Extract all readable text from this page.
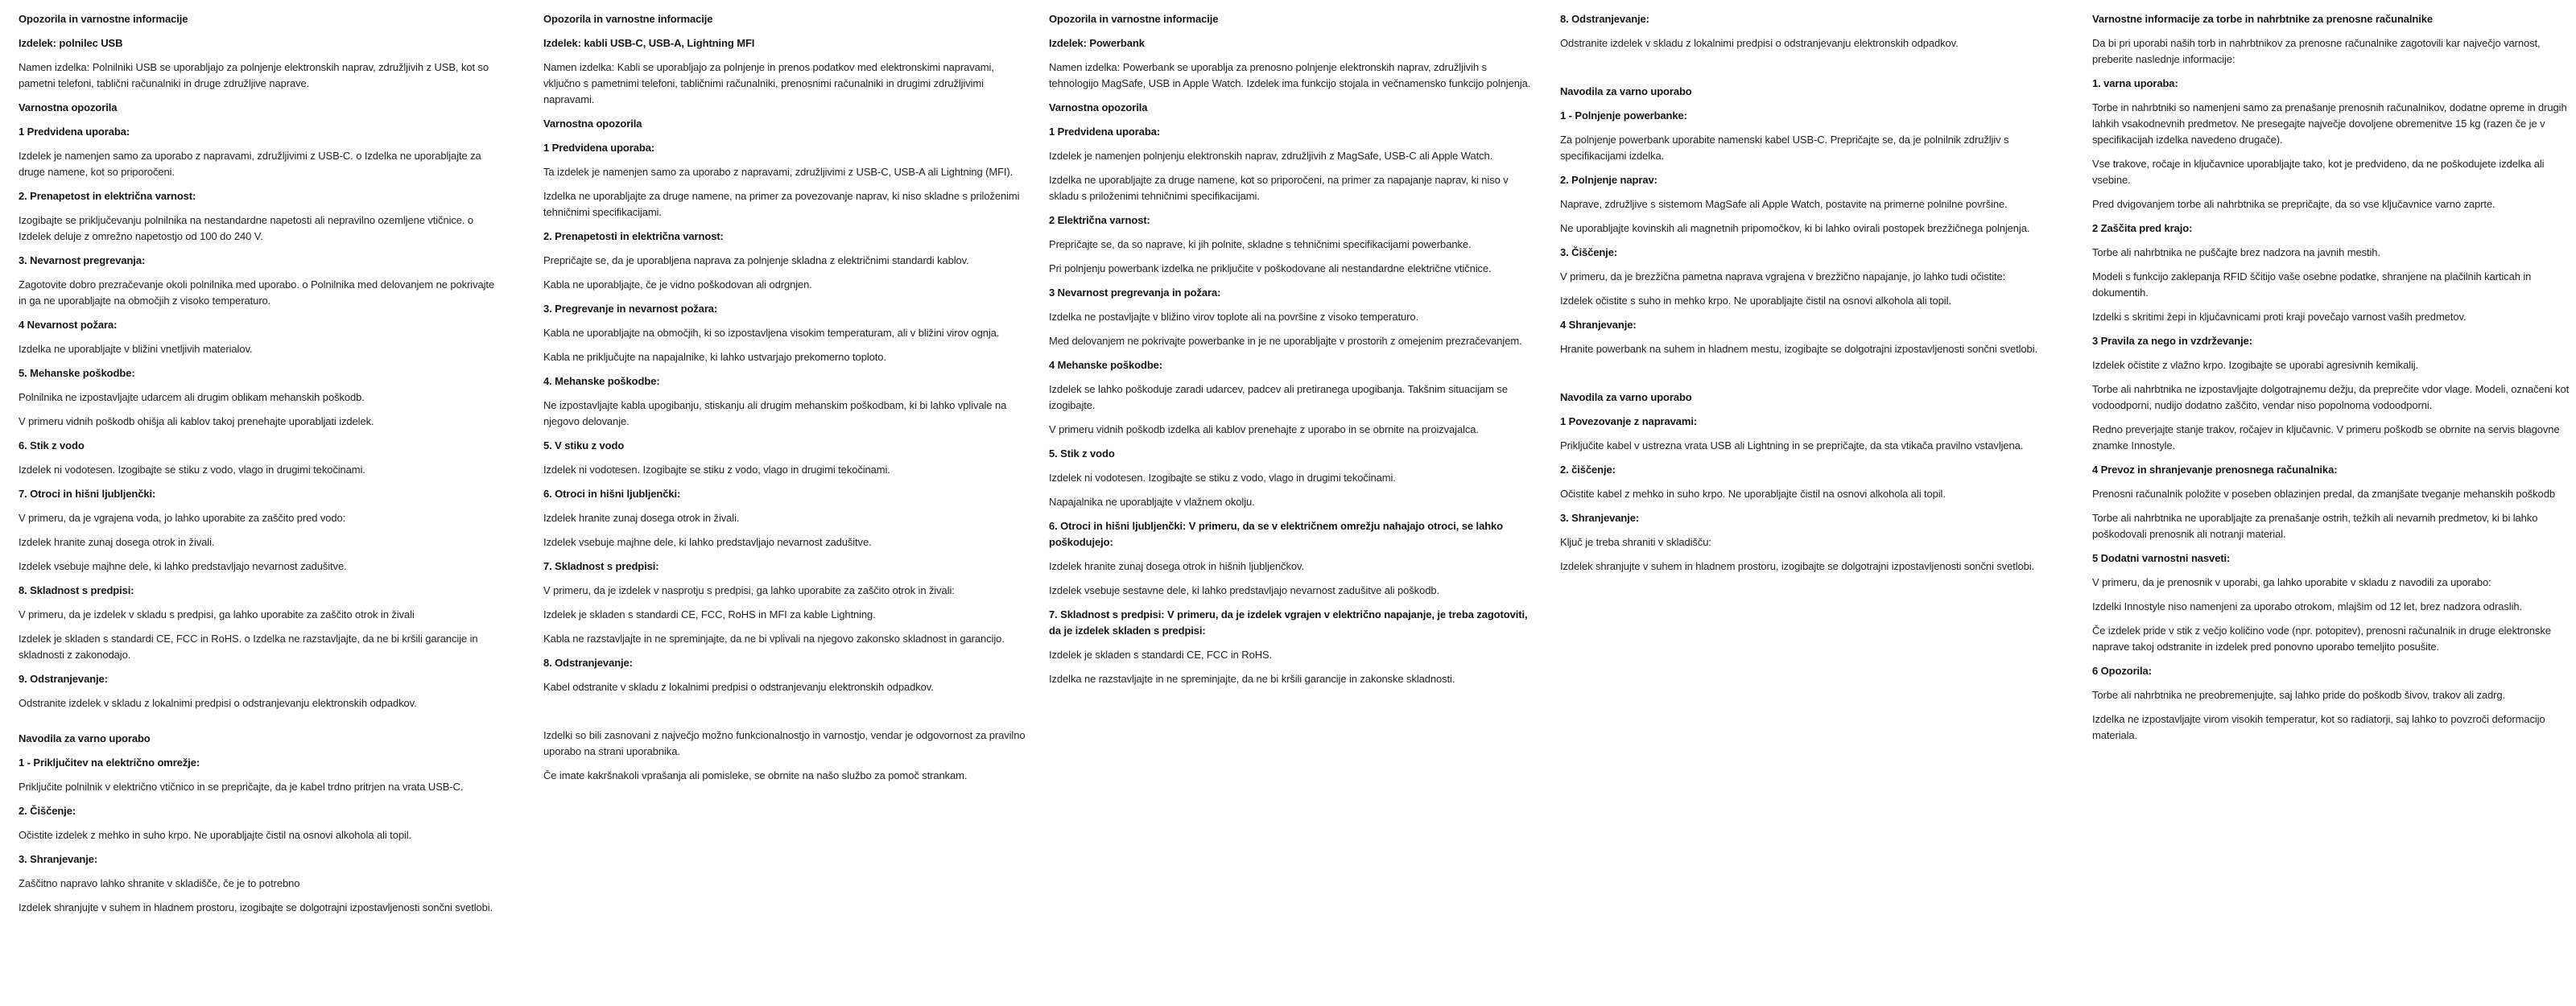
Opozorila in varnostne informacije
Izdelek: polnilec USB

Namen izdelka: Polnilniki USB se uporabljajo za polnjenje elektronskih naprav, združljivih z USB, kot so pametni telefoni, tablični računalniki in druge združljive naprave.

Varnostna opozorila
1 Predvidena uporaba:

Izdelek je namenjen samo za uporabo z napravami, združljivimi z USB-C. o Izdelka ne uporabljajte za druge namene, kot so priporočeni.

2. Prenapetost in električna varnost:

Izogibajte se priključevanju polnilnika na nestandardne napetosti ali nepravilno ozemljene vtičnice. o Izdelek deluje z omrežno napetostjo od 100 do 240 V.

3. Nevarnost pregrevanja:

Zagotovite dobro prezračevanje okoli polnilnika med uporabo. o Polnilnika med delovanjem ne pokrivajte in ga ne uporabljajte na območjih z visoko temperaturo.

4 Nevarnost požara:

Izdelka ne uporabljajte v bližini vnetljivih materialov.

5. Mehanske poškodbe:

Polnilnika ne izpostavljajte udarcem ali drugim oblikam mehanskih poškodb.

V primeru vidnih poškodb ohišja ali kablov takoj prenehajte uporabljati izdelek.

6. Stik z vodo

Izdelek ni vodotesen. Izogibajte se stiku z vodo, vlago in drugimi tekočinami.

7. Otroci in hišni ljubljenčki:

V primeru, da je vgrajena voda, jo lahko uporabite za zaščito pred vodo:

Izdelek hranite zunaj dosega otrok in živali.

Izdelek vsebuje majhne dele, ki lahko predstavljajo nevarnost zadušitve.

8. Skladnost s predpisi:

V primeru, da je izdelek v skladu s predpisi, ga lahko uporabite za zaščito otrok in živali

Izdelek je skladen s standardi CE, FCC in RoHS. o Izdelka ne razstavljajte, da ne bi kršili garancije in skladnosti z zakonodajo.

9. Odstranjevanje:

Odstranite izdelek v skladu z lokalnimi predpisi o odstranjevanju elektronskih odpadkov.

Navodila za varno uporabo
1 - Priključitev na električno omrežje:

Priključite polnilnik v električno vtičnico in se prepričajte, da je kabel trdno pritrjen na vrata USB-C.

2. Čiščenje:

Očistite izdelek z mehko in suho krpo. Ne uporabljajte čistil na osnovi alkohola ali topil.

3. Shranjevanje:

Zaščitno napravo lahko shranite v skladišče, če je to potrebno

Izdelek shranjujte v suhem in hladnem prostoru, izogibajte se dolgotrajni izpostavljenosti sončni svetlobi.

Opozorila in varnostne informacije
Izdelek: kabli USB-C, USB-A, Lightning MFI

Namen izdelka: Kabli se uporabljajo za polnjenje in prenos podatkov med elektronskimi napravami, vključno s pametnimi telefoni, tabličnimi računalniki, prenosnimi računalniki in drugimi združljivimi napravami.

Varnostna opozorila
1 Predvidena uporaba:

Ta izdelek je namenjen samo za uporabo z napravami, združljivimi z USB-C, USB-A ali Lightning (MFI).

Izdelka ne uporabljajte za druge namene, na primer za povezovanje naprav, ki niso skladne s priloženimi tehničnimi specifikacijami.

2. Prenapetosti in električna varnost:

Prepričajte se, da je uporabljena naprava za polnjenje skladna z električnimi standardi kablov.

Kabla ne uporabljajte, če je vidno poškodovan ali odrgnjen.

3. Pregrevanje in nevarnost požara:

Kabla ne uporabljajte na območjih, ki so izpostavljena visokim temperaturam, ali v bližini virov ognja.

Kabla ne priključujte na napajalnike, ki lahko ustvarjajo prekomerno toploto.

4. Mehanske poškodbe:

Ne izpostavljajte kabla upogibanju, stiskanju ali drugim mehanskim poškodbam, ki bi lahko vplivale na njegovo delovanje.

5. V stiku z vodo

Izdelek ni vodotesen. Izogibajte se stiku z vodo, vlago in drugimi tekočinami.

6. Otroci in hišni ljubljenčki:

Izdelek hranite zunaj dosega otrok in živali.

Izdelek vsebuje majhne dele, ki lahko predstavljajo nevarnost zadušitve.

7. Skladnost s predpisi:

V primeru, da je izdelek v nasprotju s predpisi, ga lahko uporabite za zaščito otrok in živali:

Izdelek je skladen s standardi CE, FCC, RoHS in MFI za kable Lightning.

Kabla ne razstavljajte in ne spreminjajte, da ne bi vplivali na njegovo zakonsko skladnost in garancijo.

8. Odstranjevanje:

Kabel odstranite v skladu z lokalnimi predpisi o odstranjevanju elektronskih odpadkov.

Izdelki so bili zasnovani z največjo možno funkcionalnostjo in varnostjo, vendar je odgovornost za pravilno uporabo na strani uporabnika.

Če imate kakršnakoli vprašanja ali pomisleke, se obrnite na našo službo za pomoč strankam.

Opozorila in varnostne informacije
Izdelek: Powerbank

Namen izdelka: Powerbank se uporablja za prenosno polnjenje elektronskih naprav, združljivih s tehnologijo MagSafe, USB in Apple Watch. Izdelek ima funkcijo stojala in večnamensko funkcijo polnjenja.

Varnostna opozorila
1 Predvidena uporaba:

Izdelek je namenjen polnjenju elektronskih naprav, združljivih z MagSafe, USB-C ali Apple Watch.

Izdelka ne uporabljajte za druge namene, kot so priporočeni, na primer za napajanje naprav, ki niso v skladu s priloženimi tehničnimi specifikacijami.

2 Električna varnost:

Prepričajte se, da so naprave, ki jih polnite, skladne s tehničnimi specifikacijami powerbanke.

Pri polnjenju powerbank izdelka ne priključite v poškodovane ali nestandardne električne vtičnice.

3 Nevarnost pregrevanja in požara:

Izdelka ne postavljajte v bližino virov toplote ali na površine z visoko temperaturo.

Med delovanjem ne pokrivajte powerbanke in je ne uporabljajte v prostorih z omejenim prezračevanjem.

4 Mehanske poškodbe:

Izdelek se lahko poškoduje zaradi udarcev, padcev ali pretiranega upogibanja. Takšnim situacijam se izogibajte.

V primeru vidnih poškodb izdelka ali kablov prenehajte z uporabo in se obrnite na proizvajalca.

5. Stik z vodo

Izdelek ni vodotesen. Izogibajte se stiku z vodo, vlago in drugimi tekočinami.

Napajalnika ne uporabljajte v vlažnem okolju.

6. Otroci in hišni ljubljenčki: V primeru, da se v električnem omrežju nahajajo otroci, se lahko poškodujejo:

Izdelek hranite zunaj dosega otrok in hišnih ljubljenčkov.

Izdelek vsebuje sestavne dele, ki lahko predstavljajo nevarnost zadušitve ali poškodb.

7. Skladnost s predpisi: V primeru, da je izdelek vgrajen v električno napajanje, je treba zagotoviti, da je izdelek skladen s predpisi:

Izdelek je skladen s standardi CE, FCC in RoHS.

Izdelka ne razstavljajte in ne spreminjajte, da ne bi kršili garancije in zakonske skladnosti.

8. Odstranjevanje:

Odstranite izdelek v skladu z lokalnimi predpisi o odstranjevanju elektronskih odpadkov.

Navodila za varno uporabo
1 - Polnjenje powerbanke:

Za polnjenje powerbank uporabite namenski kabel USB-C. Prepričajte se, da je polnilnik združljiv s specifikacijami izdelka.

2. Polnjenje naprav:

Naprave, združljive s sistemom MagSafe ali Apple Watch, postavite na primerne polnilne površine.

Ne uporabljajte kovinskih ali magnetnih pripomočkov, ki bi lahko ovirali postopek brezžičnega polnjenja.

3. Čiščenje:

V primeru, da je brezžična pametna naprava vgrajena v brezžično napajanje, jo lahko tudi očistite:

Izdelek očistite s suho in mehko krpo. Ne uporabljajte čistil na osnovi alkohola ali topil.

4 Shranjevanje:

Hranite powerbank na suhem in hladnem mestu, izogibajte se dolgotrajni izpostavljenosti sončni svetlobi.

Navodila za varno uporabo
1 Povezovanje z napravami:

Priključite kabel v ustrezna vrata USB ali Lightning in se prepričajte, da sta vtikača pravilno vstavljena.

2. čiščenje:

Očistite kabel z mehko in suho krpo. Ne uporabljajte čistil na osnovi alkohola ali topil.

3. Shranjevanje:

Ključ je treba shraniti v skladišču:

Izdelek shranjujte v suhem in hladnem prostoru, izogibajte se dolgotrajni izpostavljenosti sončni svetlobi.

Varnostne informacije za torbe in nahrbtnike za prenosne računalnike

Da bi pri uporabi naših torb in nahrbtnikov za prenosne računalnike zagotovili kar največjo varnost, preberite naslednje informacije:

1. varna uporaba:

Torbe in nahrbtniki so namenjeni samo za prenašanje prenosnih računalnikov, dodatne opreme in drugih lahkih vsakodnevnih predmetov. Ne presegajte največje dovoljene obremenitve 15 kg (razen če je v specifikacijah izdelka navedeno drugače).

Vse trakove, ročaje in ključavnice uporabljajte tako, kot je predvideno, da ne poškodujete izdelka ali vsebine.

Pred dvigovanjem torbe ali nahrbtnika se prepričajte, da so vse ključavnice varno zaprte.

2 Zaščita pred krajo:

Torbe ali nahrbtnika ne puščajte brez nadzora na javnih mestih.

Modeli s funkcijo zaklepanja RFID ščitijo vaše osebne podatke, shranjene na plačilnih karticah in dokumentih.

Izdelki s skritimi žepi in ključavnicami proti kraji povečajo varnost vaših predmetov.

3 Pravila za nego in vzdrževanje:

Izdelek očistite z vlažno krpo. Izogibajte se uporabi agresivnih kemikalij.

Torbe ali nahrbtnika ne izpostavljajte dolgotrajnemu dežju, da preprečite vdor vlage. Modeli, označeni kot vodoodporni, nudijo dodatno zaščito, vendar niso popolnoma vodoodporni.

Redno preverjajte stanje trakov, ročajev in ključavnic. V primeru poškodb se obrnite na servis blagovne znamke Innostyle.

4 Prevoz in shranjevanje prenosnega računalnika:

Prenosni računalnik položite v poseben oblazinjen predal, da zmanjšate tveganje mehanskih poškodb

Torbe ali nahrbtnika ne uporabljajte za prenašanje ostrih, težkih ali nevarnih predmetov, ki bi lahko poškodovali prenosnik ali notranji material.

5 Dodatni varnostni nasveti:

V primeru, da je prenosnik v uporabi, ga lahko uporabite v skladu z navodili za uporabo:

Izdelki Innostyle niso namenjeni za uporabo otrokom, mlajšim od 12 let, brez nadzora odraslih.

Če izdelek pride v stik z večjo količino vode (npr. potopitev), prenosni računalnik in druge elektronske naprave takoj odstranite in izdelek pred ponovno uporabo temeljito posušite.

6 Opozorila:

Torbe ali nahrbtnika ne preobremenjujte, saj lahko pride do poškodb šivov, trakov ali zadrg.

Izdelka ne izpostavljajte virom visokih temperatur, kot so radiatorji, saj lahko to povzroči deformacijo materiala.
